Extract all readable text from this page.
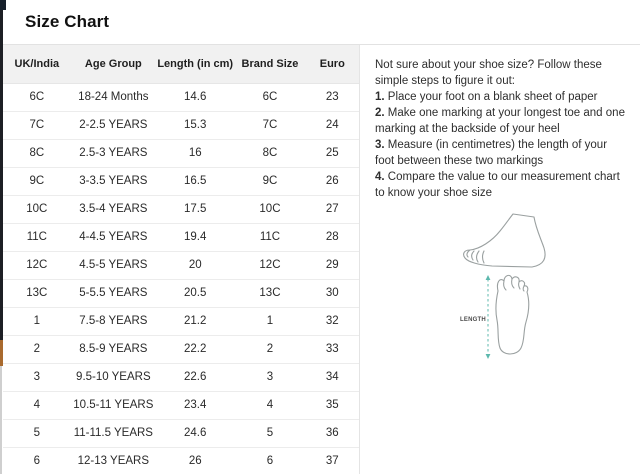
Size Chart
UK/India	Age Group	Length (in cm)	Brand Size	Euro
6C	18-24 Months	14.6	6C	23
7C	2-2.5 YEARS	15.3	7C	24
8C	2.5-3 YEARS	16	8C	25
9C	3-3.5 YEARS	16.5	9C	26
10C	3.5-4 YEARS	17.5	10C	27
11C	4-4.5 YEARS	19.4	11C	28
12C	4.5-5 YEARS	20	12C	29
13C	5-5.5 YEARS	20.5	13C	30
1	7.5-8 YEARS	21.2	1	32
2	8.5-9 YEARS	22.2	2	33
3	9.5-10 YEARS	22.6	3	34
4	10.5-11 YEARS	23.4	4	35
5	11-11.5 YEARS	24.6	5	36
6	12-13 YEARS	26	6	37
Not sure about your shoe size? Follow these simple steps to figure it out:
1. Place your foot on a blank sheet of paper
2. Make one marking at your longest toe and one marking at the backside of your heel
3. Measure (in centimetres) the length of your foot between these two markings
4. Compare the value to our measurement chart to know your shoe size
LENGTH
